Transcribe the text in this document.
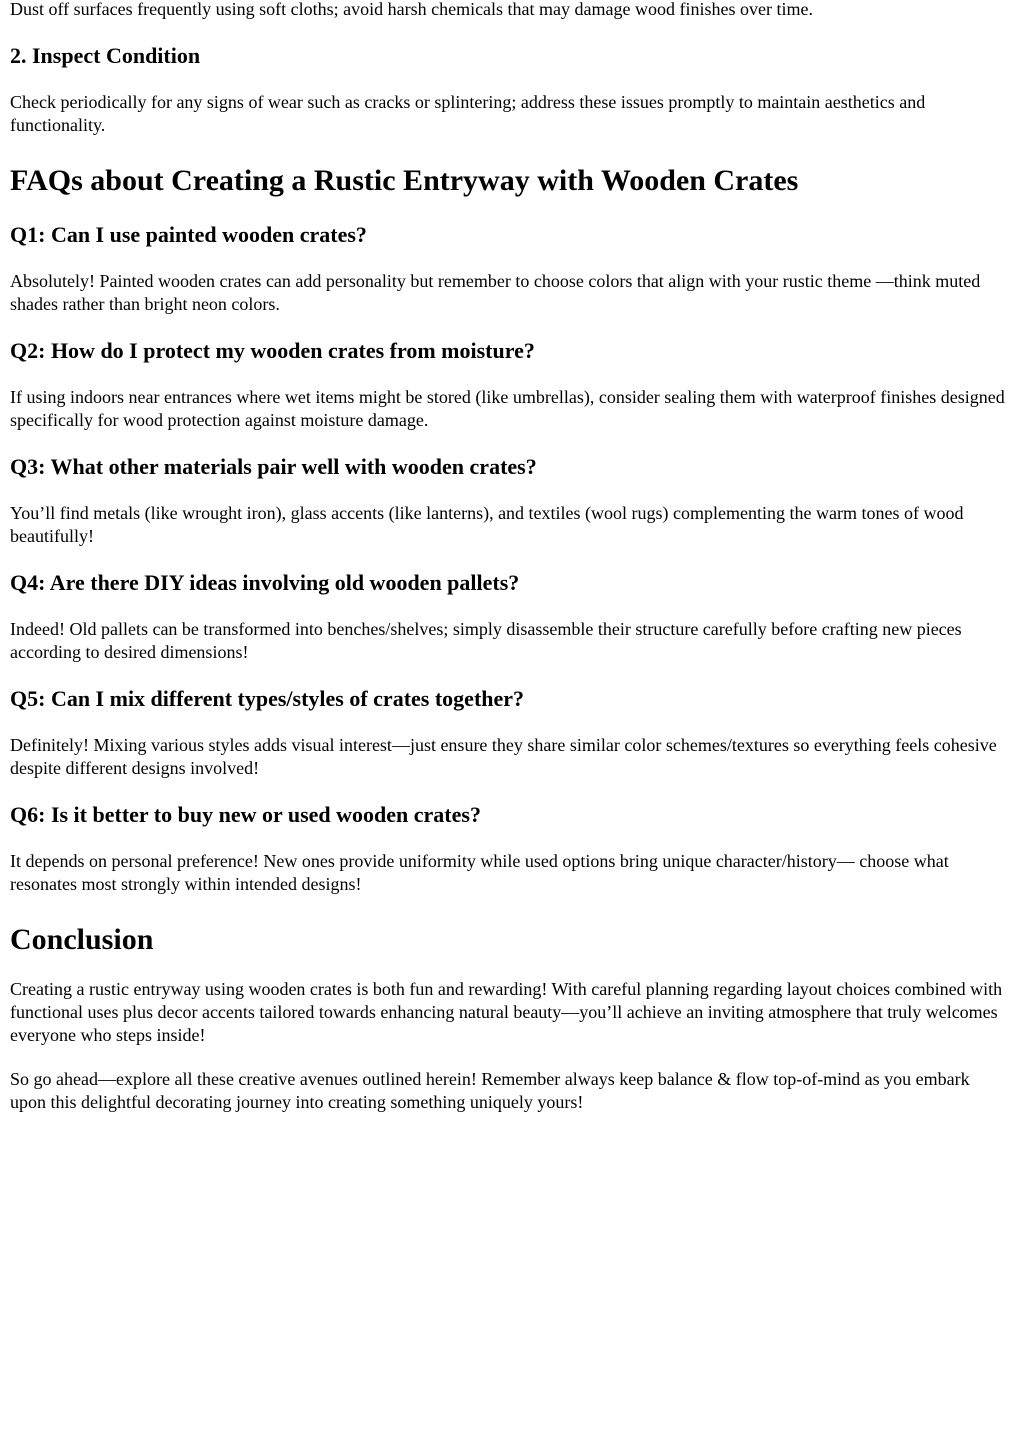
Dust off surfaces frequently using soft cloths; avoid harsh chemicals that may damage wood finishes over time.

2. Inspect Condition

Check periodically for any signs of wear such as cracks or splintering; address these issues promptly to maintain aesthetics and functionality.

FAQs about Creating a Rustic Entryway with Wooden Crates
Q1: Can I use painted wooden crates?

Absolutely! Painted wooden crates can add personality but remember to choose colors that align with your rustic theme —think muted shades rather than bright neon colors.

Q2: How do I protect my wooden crates from moisture?

If using indoors near entrances where wet items might be stored (like umbrellas), consider sealing them with waterproof finishes designed specifically for wood protection against moisture damage.

Q3: What other materials pair well with wooden crates?

You’ll find metals (like wrought iron), glass accents (like lanterns), and textiles (wool rugs) complementing the warm tones of wood beautifully!

Q4: Are there DIY ideas involving old wooden pallets?

Indeed! Old pallets can be transformed into benches/shelves; simply disassemble their structure carefully before crafting new pieces according to desired dimensions!

Q5: Can I mix different types/styles of crates together?

Definitely! Mixing various styles adds visual interest—just ensure they share similar color schemes/textures so everything feels cohesive despite different designs involved!

Q6: Is it better to buy new or used wooden crates?

It depends on personal preference! New ones provide uniformity while used options bring unique character/history— choose what resonates most strongly within intended designs!

Conclusion

Creating a rustic entryway using wooden crates is both fun and rewarding! With careful planning regarding layout choices combined with functional uses plus decor accents tailored towards enhancing natural beauty—you’ll achieve an inviting atmosphere that truly welcomes everyone who steps inside!

So go ahead—explore all these creative avenues outlined herein! Remember always keep balance & flow top-of-mind as you embark upon this delightful decorating journey into creating something uniquely yours!
